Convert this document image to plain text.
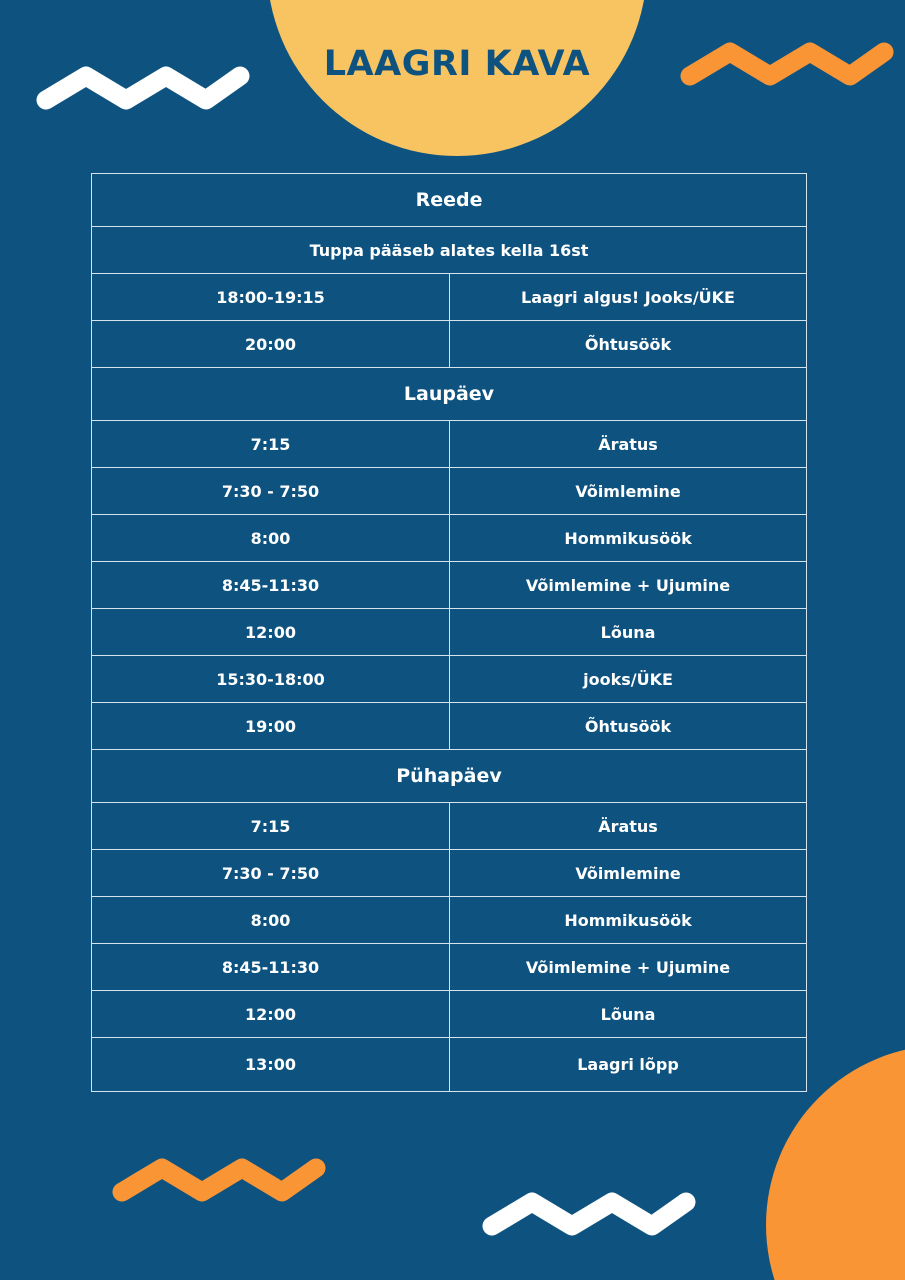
LAAGRI KAVA
Reede	
Tuppa pääseb alates kella 16st	
18:00-19:15	Laagri algus! Jooks/ÜKE
20:00	Õhtusöök
Laupäev	
7:15	Äratus
7:30 - 7:50	Võimlemine
8:00	Hommikusöök
8:45-11:30	Võimlemine + Ujumine
12:00	Lõuna
15:30-18:00	jooks/ÜKE
19:00	Õhtusöök
Pühapäev	
7:15	Äratus
7:30 - 7:50	Võimlemine
8:00	Hommikusöök
8:45-11:30	Võimlemine + Ujumine
12:00	Lõuna
13:00	Laagri lõpp
